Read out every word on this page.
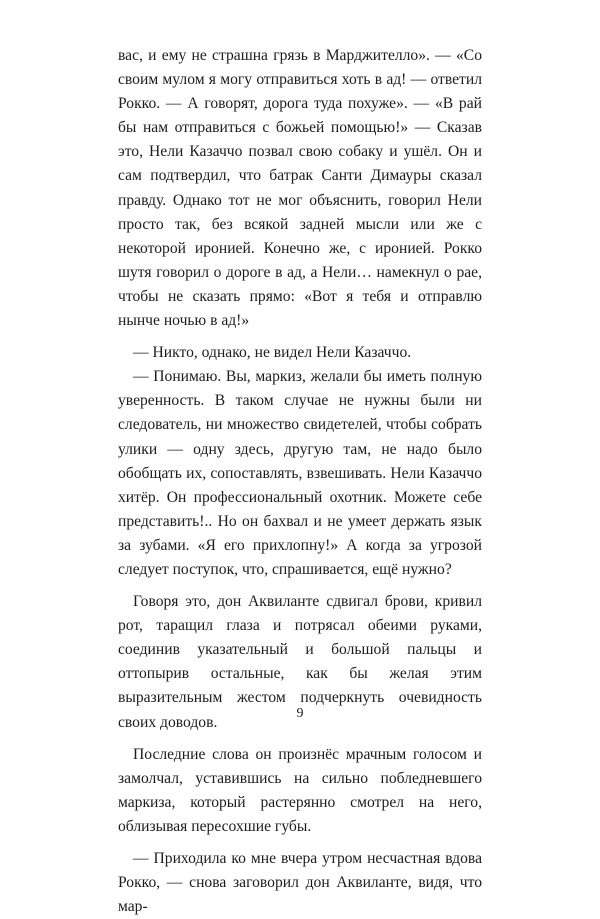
вас, и ему не страшна грязь в Марджителло». — «Со своим мулом я могу отправиться хоть в ад! — ответил Рокко. — А говорят, дорога туда похуже». — «В рай бы нам отправиться с божьей помощью!» — Сказав это, Нели Казаччо позвал свою собаку и ушёл. Он и сам подтвердил, что батрак Санти Димауры сказал правду. Однако тот не мог объяснить, говорил Нели просто так, без всякой задней мысли или же с некоторой иронией. Конечно же, с иронией. Рокко шутя говорил о дороге в ад, а Нели… намекнул о рае, чтобы не сказать прямо: «Вот я тебя и отправлю нынче ночью в ад!»

— Никто, однако, не видел Нели Казаччо.

— Понимаю. Вы, маркиз, желали бы иметь полную уверенность. В таком случае не нужны были ни следователь, ни множество свидетелей, чтобы собрать улики — одну здесь, другую там, не надо было обобщать их, сопоставлять, взвешивать. Нели Казаччо хитёр. Он профессиональный охотник. Можете себе представить!.. Но он бахвал и не умеет держать язык за зубами. «Я его прихлопну!» А когда за угрозой следует поступок, что, спрашивается, ещё нужно?

Говоря это, дон Аквиланте сдвигал брови, кривил рот, таращил глаза и потрясал обеими руками, соединив указательный и большой пальцы и оттопырив остальные, как бы желая этим выразительным жестом подчеркнуть очевидность своих доводов.

Последние слова он произнёс мрачным голосом и замолчал, уставившись на сильно побледневшего маркиза, который растерянно смотрел на него, облизывая пересохшие губы.

— Приходила ко мне вчера утром несчастная вдова Рокко, — снова заговорил дон Аквиланте, видя, что мар-

9
